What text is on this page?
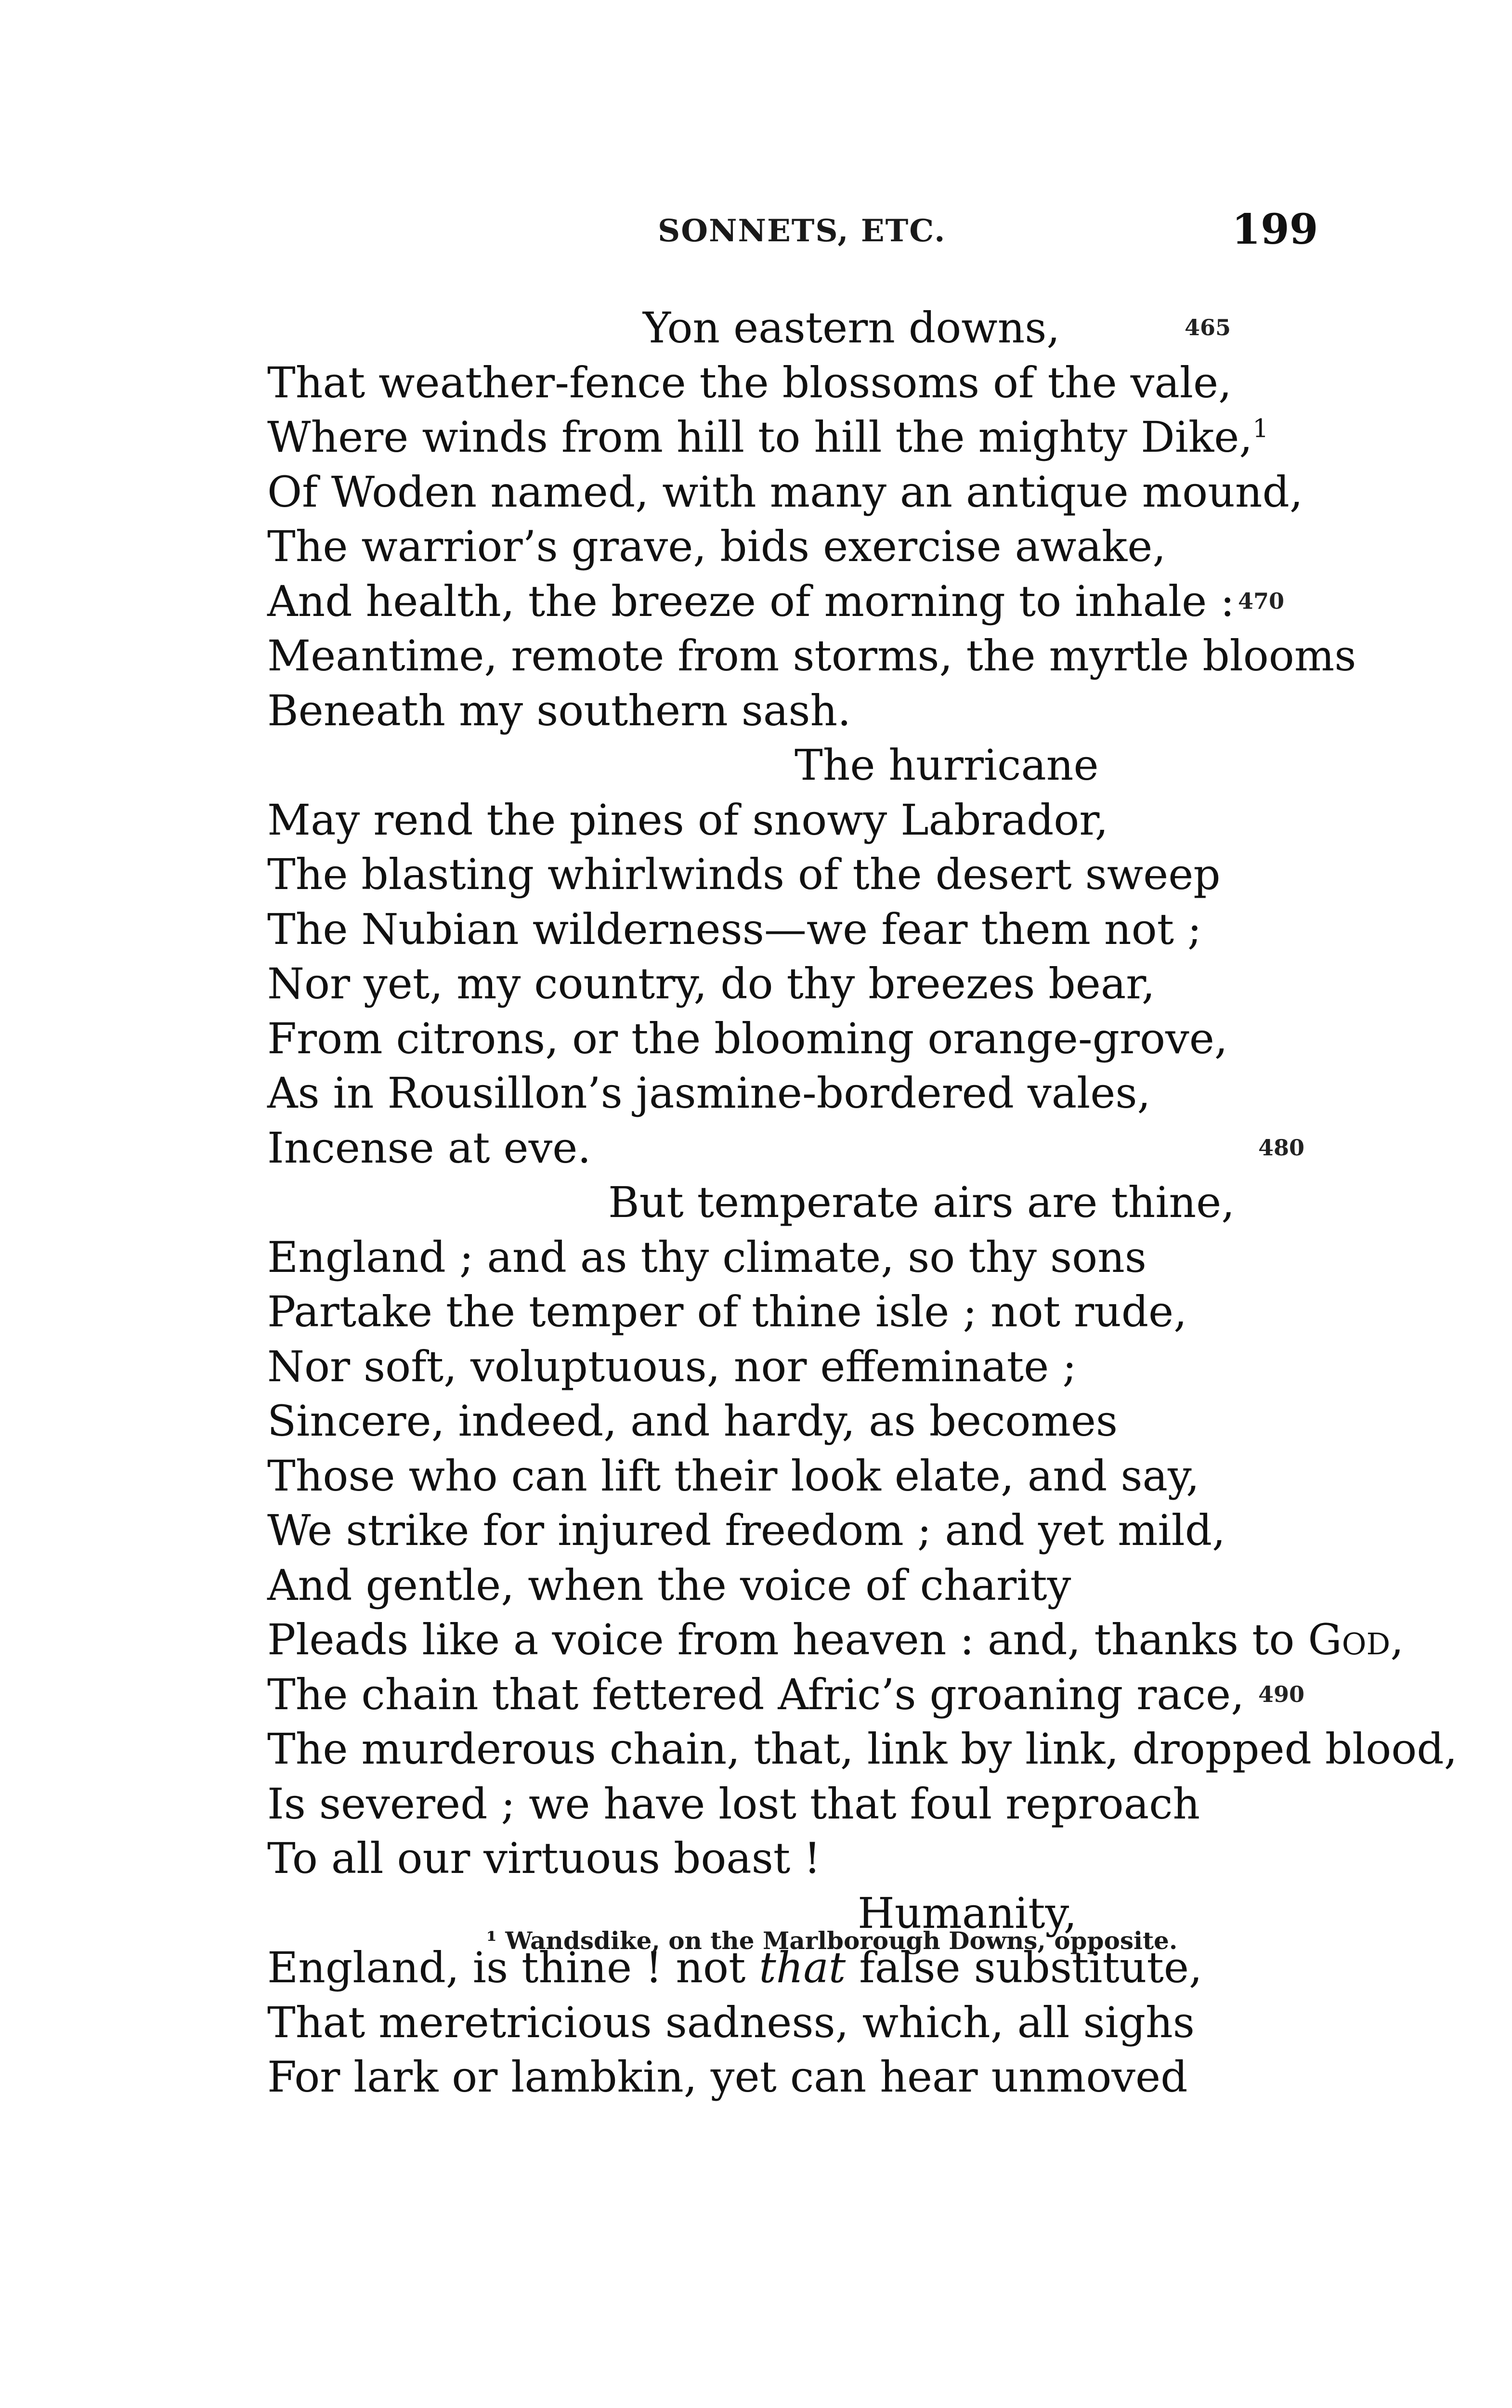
SONNETS, ETC.	199
Yon eastern downs,	465
That weather-fence the blossoms of the vale,
Where winds from hill to hill the mighty Dike,$^1$
Of Woden named, with many an antique mound,
The warrior’s grave, bids exercise awake,
And health, the breeze of morning to inhale : 470
Meantime, remote from storms, the myrtle blooms
Beneath my southern sash.
The hurricane
May rend the pines of snowy Labrador,
The blasting whirlwinds of the desert sweep
The Nubian wilderness—we fear them not ;
Nor yet, my country, do thy breezes bear,
From citrons, or the blooming orange-grove,
As in Rousillon’s jasmine-bordered vales,
Incense at eve.	480
But temperate airs are thine,
England ; and as thy climate, so thy sons
Partake the temper of thine isle ; not rude,
Nor soft, voluptuous, nor effeminate ;
Sincere, indeed, and hardy, as becomes
Those who can lift their look elate, and say,
We strike for injured freedom ; and yet mild,
And gentle, when the voice of charity
Pleads like a voice from heaven : and, thanks to God,
The chain that fettered Afric’s groaning race, 490
The murderous chain, that, link by link, dropped blood,
Is severed ; we have lost that foul reproach
To all our virtuous boast !
Humanity,
England, is thine ! not that false substitute,
That meretricious sadness, which, all sighs
For lark or lambkin, yet can hear unmoved
¹ Wandsdike, on the Marlborough Downs, opposite.
